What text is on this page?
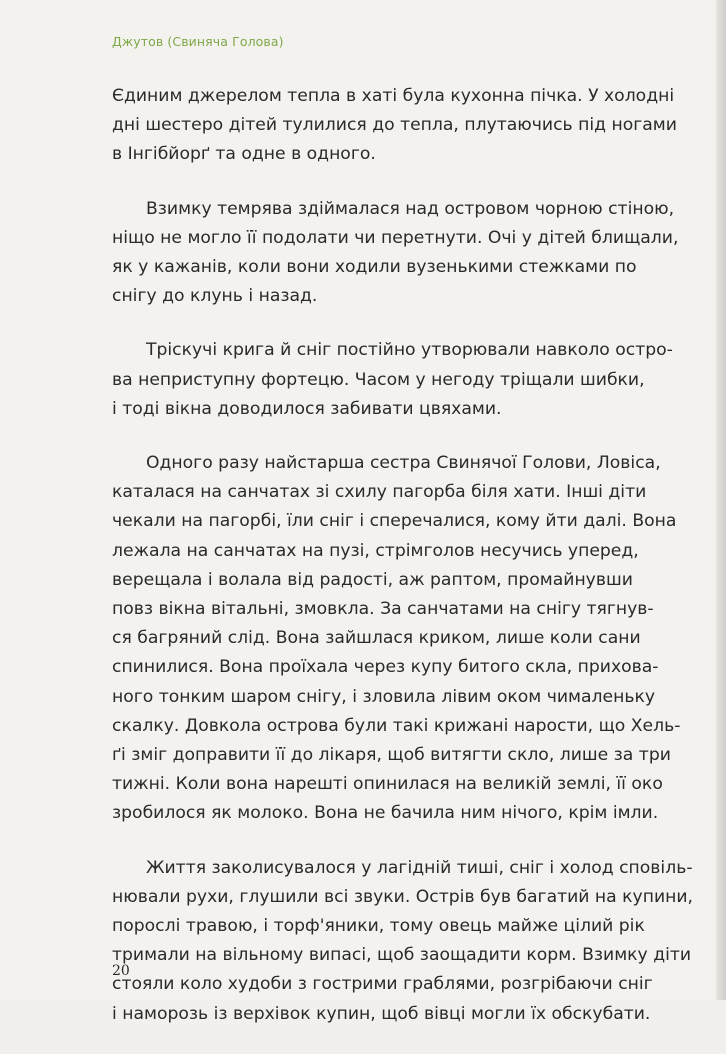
Джутов (Свиняча Голова)

Єдиним джерелом тепла в хаті була кухонна пічка. У холодні
дні шестеро дітей тулилися до тепла, плутаючись під ногами
в Інгібйорґ та одне в одного.

Взимку темрява здіймалася над островом чорною стіною,
ніщо не могло її подолати чи перетнути. Очі у дітей блищали,
як у кажанів, коли вони ходили вузенькими стежками по
снігу до клунь і назад.

Тріскучі крига й сніг постійно утворювали навколо остро-
ва неприступну фортецю. Часом у негоду тріщали шибки,
і тоді вікна доводилося забивати цвяхами.

Одного разу найстарша сестра Свинячої Голови, Ловіса,
каталася на санчатах зі схилу пагорба біля хати. Інші діти
чекали на пагорбі, їли сніг і сперечалися, кому йти далі. Вона
лежала на санчатах на пузі, стрімголов несучись уперед,
верещала і волала від радості, аж раптом, промайнувши
повз вікна вітальні, змовкла. За санчатами на снігу тягнув-
ся багряний слід. Вона зайшлася криком, лише коли сани
спинилися. Вона проїхала через купу битого скла, прихова-
ного тонким шаром снігу, і зловила лівим оком чималеньку
скалку. Довкола острова були такі крижані нарости, що Хель-
ґі зміг доправити її до лікаря, щоб витягти скло, лише за три
тижні. Коли вона нарешті опинилася на великій землі, її око
зробилося як молоко. Вона не бачила ним нічого, крім імли.

Життя заколисувалося у лагідній тиші, сніг і холод сповіль-
нювали рухи, глушили всі звуки. Острів був багатий на купини,
порослі травою, і торф'яники, тому овець майже цілий рік
тримали на вільному випасі, щоб заощадити корм. Взимку діти
стояли коло худоби з гострими граблями, розгрібаючи сніг
і наморозь із верхівок купин, щоб вівці могли їх обскубати.

20
